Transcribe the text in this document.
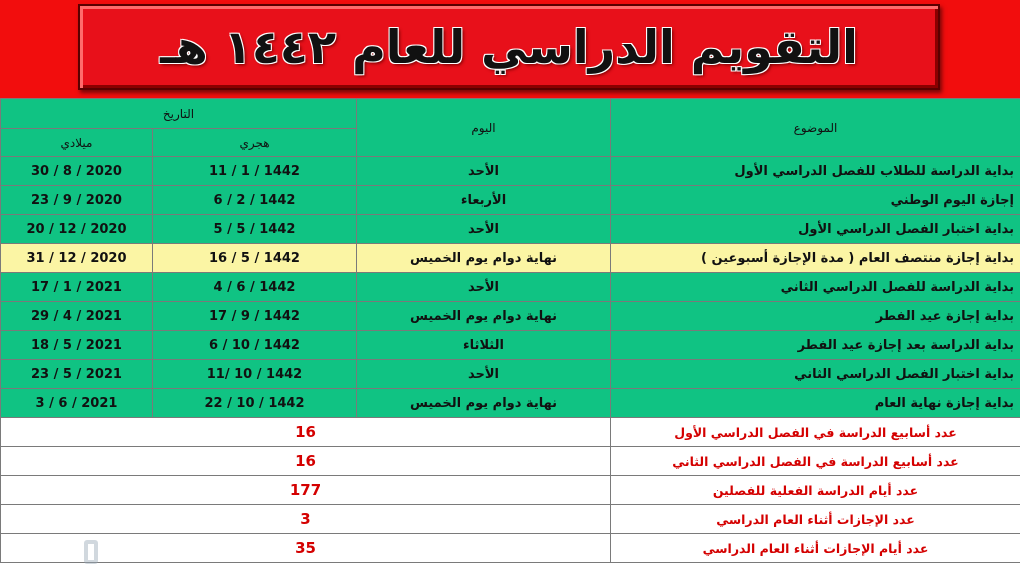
التقويم الدراسي للعام ١٤٤٢ هـ
الموضوع	اليوم	التاريخ	
		هجري	ميلادي
بداية الدراسة للطلاب للفصل الدراسي الأول	الأحد	1442 / 1 / 11	2020 / 8 / 30
إجازة اليوم الوطني	الأربعاء	1442 / 2 / 6	2020 / 9 / 23
بداية اختبار الفصل الدراسي الأول	الأحد	1442 / 5 / 5	2020 / 12 / 20
بداية إجازة منتصف العام ( مدة الإجازة أسبوعين )	نهاية دوام يوم الخميس	1442 / 5 / 16	2020 / 12 / 31
بداية الدراسة للفصل الدراسي الثاني	الأحد	1442 / 6 / 4	2021 / 1 / 17
بداية إجازة عيد الفطر	نهاية دوام يوم الخميس	1442 / 9 / 17	2021 / 4 / 29
بداية الدراسة بعد إجازة عيد الفطر	الثلاثاء	1442 / 10 / 6	2021 / 5 / 18
بداية اختبار الفصل الدراسي الثاني	الأحد	1442 / 10 /11	2021 / 5 / 23
بداية إجازة نهاية العام	نهاية دوام يوم الخميس	1442 / 10 / 22	2021 / 6 / 3
عدد أسابيع الدراسة في الفصل الدراسي الأول	16		
عدد أسابيع الدراسة في الفصل الدراسي الثاني	16		
عدد أيام الدراسة الفعلية للفصلين	177		
عدد الإجازات أثناء العام الدراسي	3		
عدد أيام الإجازات أثناء العام الدراسي	35		
